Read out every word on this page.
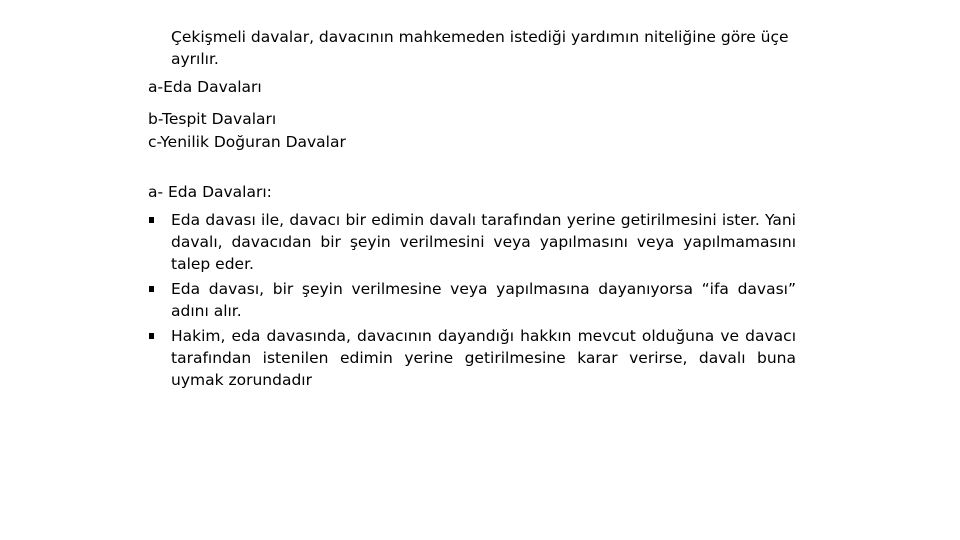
Çekişmeli davalar, davacının mahkemeden istediği yardımın niteliğine göre üçe ayrılır.
a-Eda Davaları
b-Tespit Davaları
c-Yenilik Doğuran Davalar
a- Eda Davaları:
Eda davası ile, davacı bir edimin davalı tarafından yerine getirilmesini ister. Yani davalı, davacıdan bir şeyin verilmesini veya yapılmasını veya yapılmamasını talep eder.
Eda davası, bir şeyin verilmesine veya yapılmasına dayanıyorsa “ifa davası” adını alır.
Hakim, eda davasında, davacının dayandığı hakkın mevcut olduğuna ve davacı tarafından istenilen edimin yerine getirilmesine karar verirse, davalı buna uymak zorundadır
